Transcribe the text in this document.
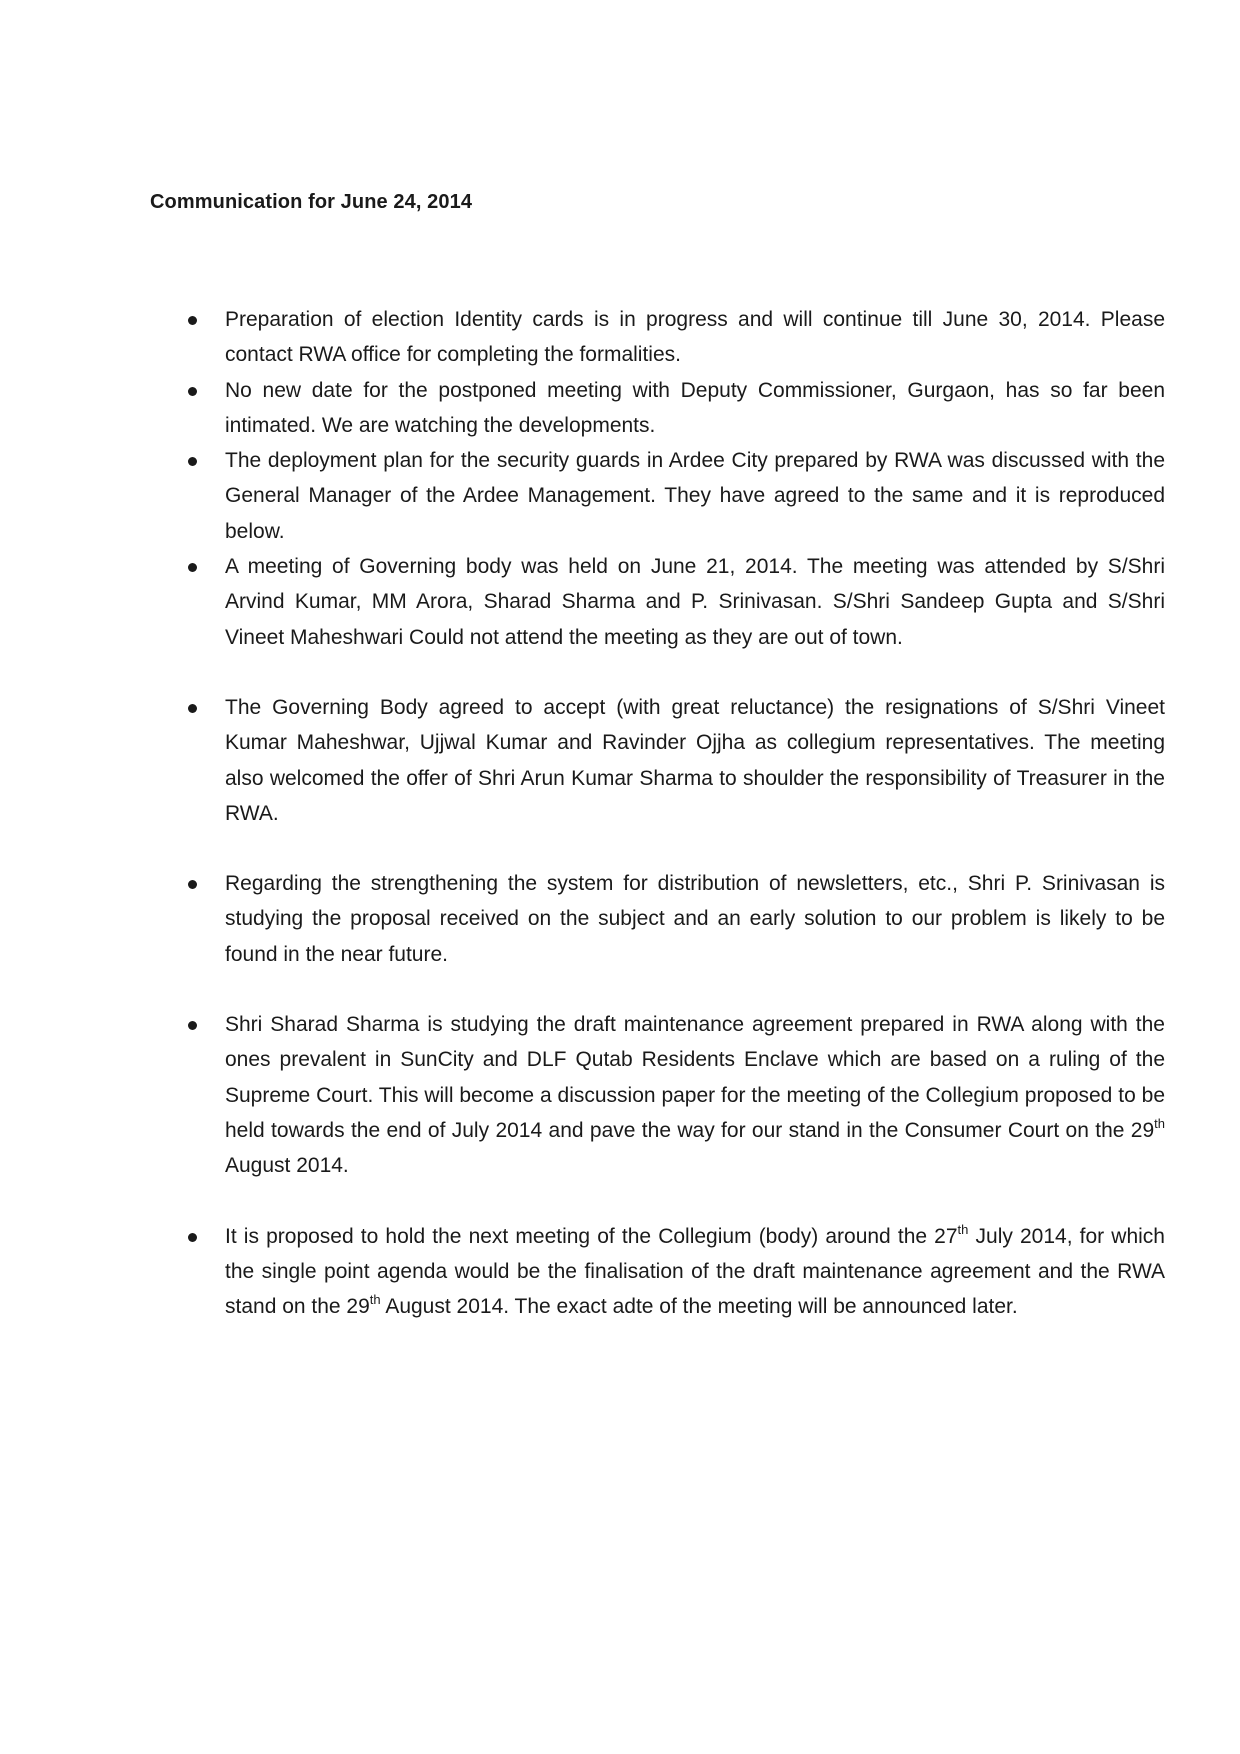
Communication for June 24, 2014
Preparation of election Identity cards is in progress and will continue till June 30, 2014. Please contact RWA office for completing the formalities.
No new date for the postponed meeting with Deputy Commissioner, Gurgaon, has so far been intimated. We are watching the developments.
The deployment plan for the security guards in Ardee City prepared by RWA was discussed with the General Manager of the Ardee Management. They have agreed to the same and it is reproduced below.
A meeting of Governing body was held on June 21, 2014. The meeting was attended by S/Shri Arvind Kumar, MM Arora, Sharad Sharma and P. Srinivasan. S/Shri Sandeep Gupta and S/Shri Vineet Maheshwari Could not attend the meeting as they are out of town.
The Governing Body agreed to accept (with great reluctance) the resignations of S/Shri Vineet Kumar Maheshwar, Ujjwal Kumar and Ravinder Ojjha as collegium representatives. The meeting also welcomed the offer of Shri Arun Kumar Sharma to shoulder the responsibility of Treasurer in the RWA.
Regarding the strengthening the system for distribution of newsletters, etc., Shri P. Srinivasan is studying the proposal received on the subject and an early solution to our problem is likely to be found in the near future.
Shri Sharad Sharma is studying the draft maintenance agreement prepared in RWA along with the ones prevalent in SunCity and DLF Qutab Residents Enclave which are based on a ruling of the Supreme Court. This will become a discussion paper for the meeting of the Collegium proposed to be held towards the end of July 2014 and pave the way for our stand in the Consumer Court on the 29th August 2014.
It is proposed to hold the next meeting of the Collegium (body) around the 27th July 2014, for which the single point agenda would be the finalisation of the draft maintenance agreement and the RWA stand on the 29th August 2014. The exact adte of the meeting will be announced later.
